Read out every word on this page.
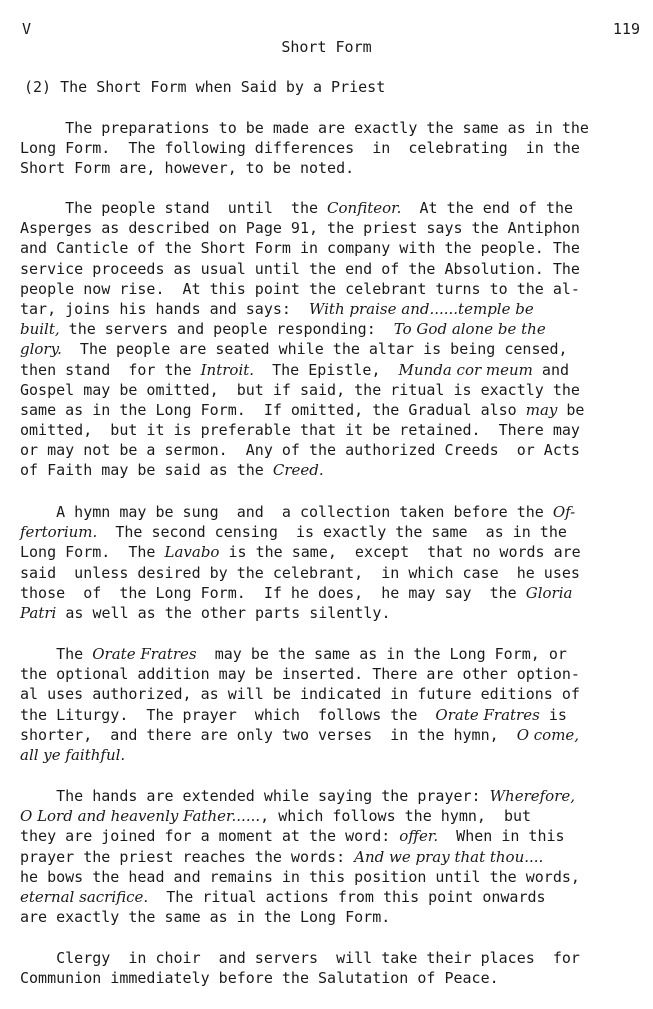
V	119
Short Form
(2) The Short Form when Said by a Priest
The preparations to be made are exactly the same as in the
Long Form.  The following differences  in  celebrating  in the
Short Form are, however, to be noted.
The people stand  until  the Confiteor.  At the end of the
Asperges as described on Page 91, the priest says the Antiphon
and Canticle of the Short Form in company with the people. The
service proceeds as usual until the end of the Absolution. The
people now rise.  At this point the celebrant turns to the al-
tar, joins his hands and says:  With praise and......temple be
built, the servers and people responding:  To God alone be the
glory.  The people are seated while the altar is being censed,
then stand  for the Introit.  The Epistle,  Munda cor meum and
Gospel may be omitted,  but if said, the ritual is exactly the
same as in the Long Form.  If omitted, the Gradual also may be
omitted,  but it is preferable that it be retained.  There may
or may not be a sermon.  Any of the authorized Creeds  or Acts
of Faith may be said as the Creed.
A hymn may be sung  and  a collection taken before the Of-
fertorium.  The second censing  is exactly the same  as in the
Long Form.  The Lavabo is the same,  except  that no words are
said  unless desired by the celebrant,  in which case  he uses
those  of  the Long Form.  If he does,  he may say  the Gloria
Patri as well as the other parts silently.
The Orate Fratres  may be the same as in the Long Form, or
the optional addition may be inserted. There are other option-
al uses authorized, as will be indicated in future editions of
the Liturgy.  The prayer  which  follows the  Orate Fratres is
shorter,  and there are only two verses  in the hymn,  O come,
all ye faithful.
The hands are extended while saying the prayer: Wherefore,
O Lord and heavenly Father......, which follows the hymn,  but
they are joined for a moment at the word: offer.  When in this
prayer the priest reaches the words: And we pray that thou....
he bows the head and remains in this position until the words,
eternal sacrifice.  The ritual actions from this point onwards
are exactly the same as in the Long Form.
Clergy  in choir  and servers  will take their places  for
Communion immediately before the Salutation of Peace.
